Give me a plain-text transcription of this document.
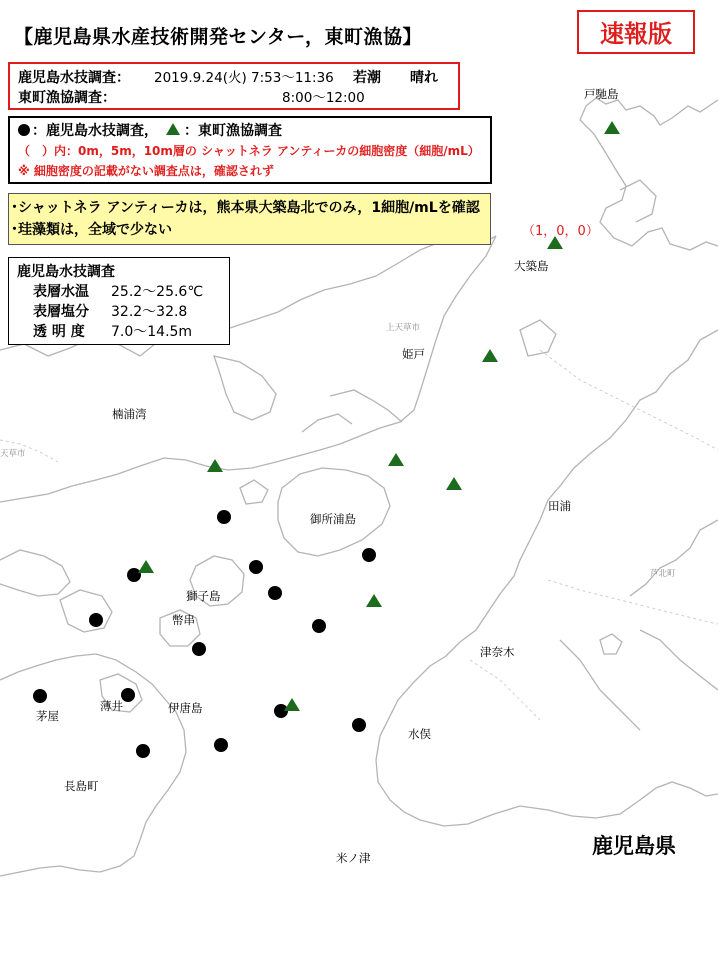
戸馳島
大築島
上天草市
姫戸
楠浦湾
天草市
御所浦島
田浦
芦北町
獅子島
幣串
津奈木
茅屋
薄井	伊唐島
水俣
長島町
米ノ津
（1，0，0）
【鹿児島県水産技術開発センター，東町漁協】	速報版
鹿児島水技調査： 2019.9.24(火) 7:53～11:36 若潮 晴れ
東町漁協調査：	8:00～12:00
：鹿児島水技調査， ：東町漁協調査
（　）内：0m，5m，10m層の シャットネラ アンティーカの細胞密度（細胞/mL）
※ 細胞密度の記載がない調査点は，確認されず
･シャットネラ アンティーカは，熊本県大築島北でのみ，1細胞/mLを確認
･珪藻類は，全域で少ない
鹿児島水技調査
表層水温 25.2～25.6℃
表層塩分 32.2～32.8
透 明 度 7.0～14.5m
鹿児島県
